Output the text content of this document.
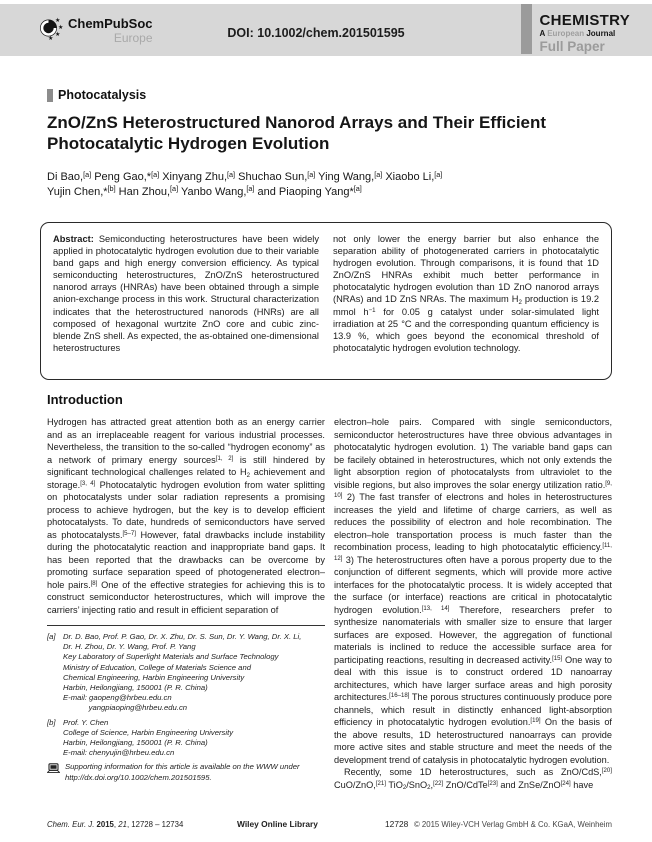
★
★
★
★
ChemPubSoc
Europe	DOI: 10.1002/chem.201501595
CHEMISTRY
A European Journal
Full Paper
Photocatalysis
ZnO/ZnS Heterostructured Nanorod Arrays and Their Efficient Photocatalytic Hydrogen Evolution
Di Bao,[a] Peng Gao,*[a] Xinyang Zhu,[a] Shuchao Sun,[a] Ying Wang,[a] Xiaobo Li,[a]
Yujin Chen,*[b] Han Zhou,[a] Yanbo Wang,[a] and Piaoping Yang*[a]
Abstract: Semiconducting heterostructures have been widely applied in photocatalytic hydrogen evolution due to their variable band gaps and high energy conversion efficiency. As typical semiconducting heterostructures, ZnO/ZnS heterostructured nanorod arrays (HNRAs) have been obtained through a simple anion-exchange process in this work. Structural characterization indicates that the heterostructured nanorods (HNRs) are all composed of hexagonal wurtzite ZnO core and cubic zinc-blende ZnS shell. As expected, the as-obtained one-dimensional heterostructures
not only lower the energy barrier but also enhance the separation ability of photogenerated carriers in photocatalytic hydrogen evolution. Through comparisons, it is found that 1D ZnO/ZnS HNRAs exhibit much better performance in photocatalytic hydrogen evolution than 1D ZnO nanorod arrays (NRAs) and 1D ZnS NRAs. The maximum $H_2$ production is 19.2 mmol $h^{-1}$ for 0.05 g catalyst under solar-simulated light irradiation at 25 °C and the corresponding quantum efficiency is 13.9 %, which goes beyond the economical threshold of photocatalytic hydrogen evolution technology.
Introduction
Hydrogen has attracted great attention both as an energy carrier and as an irreplaceable reagent for various industrial processes. Nevertheless, the transition to the so-called “hydrogen economy” as a network of primary energy sources[1, 2] is still hindered by significant technological challenges related to $H_2$ achievement and storage.[3, 4] Photocatalytic hydrogen evolution from water splitting on photocatalysts under solar radiation represents a promising process to achieve hydrogen, but the key is to develop efficient photocatalysts. To date, hundreds of semiconductors have served as photocatalysts.[5–7] However, fatal drawbacks include instability during the photocatalytic reaction and inappropriate band gaps. It has been reported that the drawbacks can be overcome by promoting surface separation speed of photogenerated electron–hole pairs.[8] One of the effective strategies for achieving this is to construct semiconductor heterostructures, which will improve the carriers’ injecting ratio and result in efficient separation of
[a] Dr. D. Bao, Prof. P. Gao, Dr. X. Zhu, Dr. S. Sun, Dr. Y. Wang, Dr. X. Li,
Dr. H. Zhou, Dr. Y. Wang, Prof. P. Yang
Key Laboratory of Superlight Materials and Surface Technology
Ministry of Education, College of Materials Science and
Chemical Engineering, Harbin Engineering University
Harbin, Heilongjiang, 150001 (P. R. China)
E-mail: gaopeng@hrbeu.edu.cn
yangpiaoping@hrbeu.edu.cn
[b] Prof. Y. Chen
College of Science, Harbin Engineering University
Harbin, Heilongjiang, 150001 (P. R. China)
E-mail: chenyujin@hrbeu.edu.cn
Supporting information for this article is available on the WWW under http://dx.doi.org/10.1002/chem.201501595.
electron–hole pairs. Compared with single semiconductors, semiconductor heterostructures have three obvious advantages in photocatalytic hydrogen evolution. 1) The variable band gaps can be facilely obtained in heterostructures, which not only extends the light absorption region of photocatalysts from ultraviolet to the visible regions, but also improves the solar energy utilization ratio.[9, 10] 2) The fast transfer of electrons and holes in heterostructures increases the yield and lifetime of charge carriers, as well as reduces the possibility of electron and hole recombination. The electron–hole transportation process is much faster than the recombination process, leading to high photocatalytic efficiency.[11, 12] 3) The heterostructures often have a porous property due to the conjunction of different segments, which will provide more active interfaces for the photocatalytic process. It is widely accepted that the surface (or interface) reactions are critical in photocatalytic hydrogen evolution.[13, 14] Therefore, researchers prefer to synthesize nanomaterials with smaller size to ensure that larger surfaces are exposed. However, the aggregation of functional materials is inclined to reduce the accessible surface area for participating reactions, resulting in decreased activity.[15] One way to deal with this issue is to construct ordered 1D nanoarray architectures, which have larger surface areas and high porosity architectures.[16–18] The porous structures continuously produce pore channels, which result in distinctly enhanced light-absorption efficiency in photocatalytic hydrogen evolution.[19] On the basis of the above results, 1D heterostructured nanoarrays can provide more active sites and stable structure and meet the needs of the development trend of catalysis in photocatalytic hydrogen evolution.
Recently, some 1D heterostructures, such as ZnO/CdS,[20] CuO/ZnO,[21] TiO$_2$/SnO$_2$,[22] ZnO/CdTe[23] and ZnSe/ZnO[24] have
Chem. Eur. J. 2015, 21, 12728 – 12734	Wiley Online Library	12728 © 2015 Wiley-VCH Verlag GmbH & Co. KGaA, Weinheim
